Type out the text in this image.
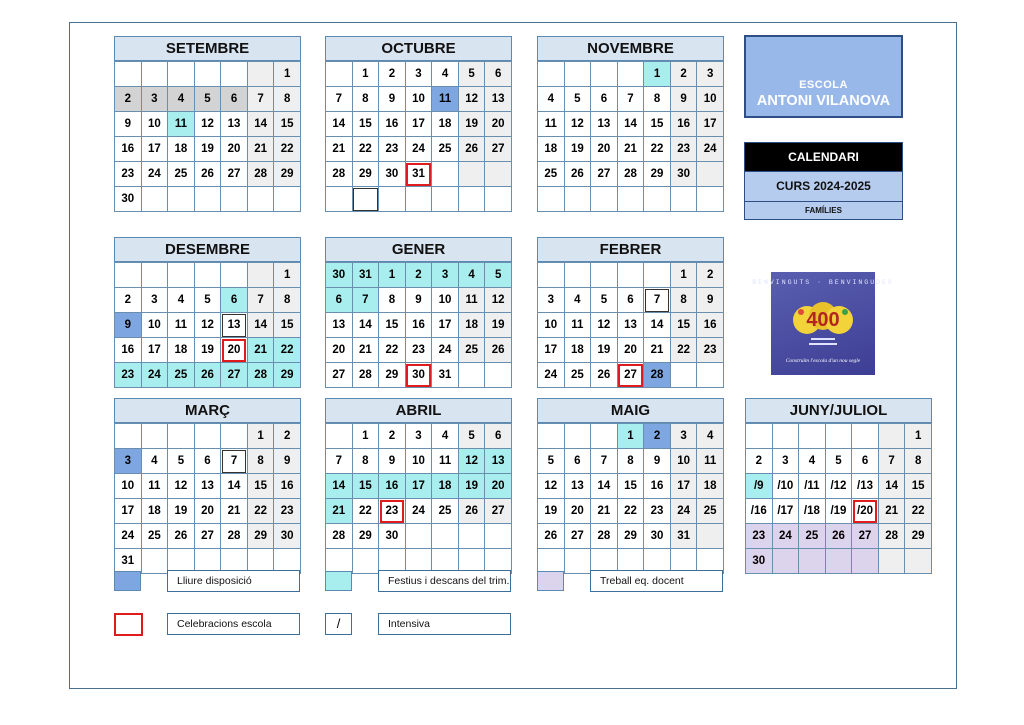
SETEMBRE
						1
2	3	4	5	6	7	8
9	10	11	12	13	14	15
16	17	18	19	20	21	22
23	24	25	26	27	28	29
30						
OCTUBRE
	1	2	3	4	5	6
7	8	9	10	11	12	13
14	15	16	17	18	19	20
21	22	23	24	25	26	27
28	29	30	31			

NOVEMBRE
				1	2	3
4	5	6	7	8	9	10
11	12	13	14	15	16	17
18	19	20	21	22	23	24
25	26	27	28	29	30	

DESEMBRE
						1
2	3	4	5	6	7	8
9	10	11	12	13	14	15
16	17	18	19	20	21	22
23	24	25	26	27	28	29
GENER
30	31	1	2	3	4	5
6	7	8	9	10	11	12
13	14	15	16	17	18	19
20	21	22	23	24	25	26
27	28	29	30	31		
FEBRER
					1	2
3	4	5	6	7	8	9
10	11	12	13	14	15	16
17	18	19	20	21	22	23
24	25	26	27	28		
MARÇ
					1	2
3	4	5	6	7	8	9
10	11	12	13	14	15	16
17	18	19	20	21	22	23
24	25	26	27	28	29	30
31						
ABRIL
	1	2	3	4	5	6
7	8	9	10	11	12	13
14	15	16	17	18	19	20
21	22	23	24	25	26	27
28	29	30				

MAIG
			1	2	3	4
5	6	7	8	9	10	11
12	13	14	15	16	17	18
19	20	21	22	23	24	25
26	27	28	29	30	31	

JUNY/JULIOL
						1
2	3	4	5	6	7	8
/9	/10	/11	/12	/13	14	15
/16	/17	/18	/19	/20	21	22
23	24	25	26	27	28	29
30						
ESCOLA
ANTONI VILANOVA
CALENDARI
CURS 2024-2025
FAMÍLIES
BENVINGUTS · BENVINGUDES
400
Construïm l'escola d'un nou segle
Lliure disposició	Festius i descans del trim.	Treball eq. docent
Celebracions escola	/	Intensiva
